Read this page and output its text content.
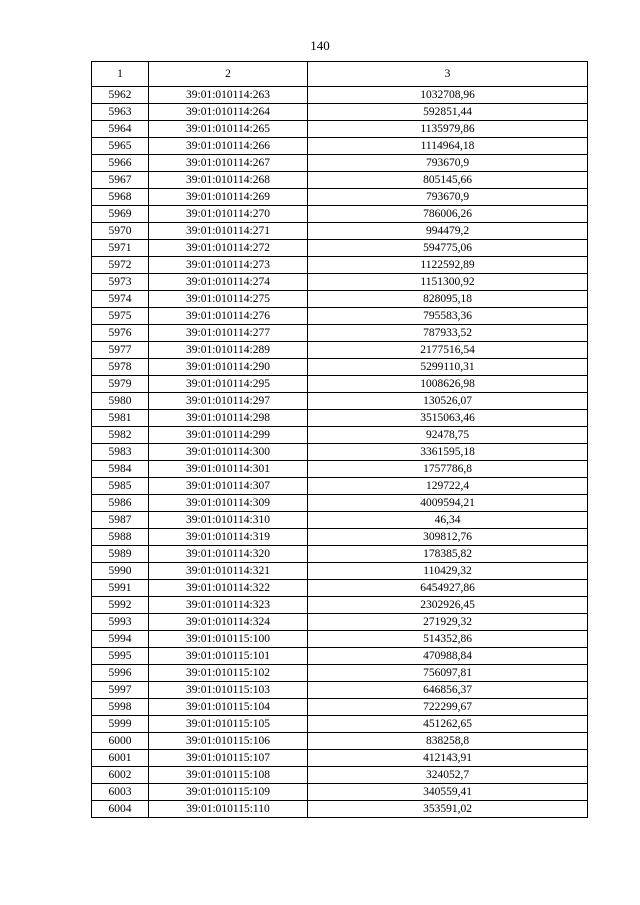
140
1	2	3
5962	39:01:010114:263	1032708,96
5963	39:01:010114:264	592851,44
5964	39:01:010114:265	1135979,86
5965	39:01:010114:266	1114964,18
5966	39:01:010114:267	793670,9
5967	39:01:010114:268	805145,66
5968	39:01:010114:269	793670,9
5969	39:01:010114:270	786006,26
5970	39:01:010114:271	994479,2
5971	39:01:010114:272	594775,06
5972	39:01:010114:273	1122592,89
5973	39:01:010114:274	1151300,92
5974	39:01:010114:275	828095,18
5975	39:01:010114:276	795583,36
5976	39:01:010114:277	787933,52
5977	39:01:010114:289	2177516,54
5978	39:01:010114:290	5299110,31
5979	39:01:010114:295	1008626,98
5980	39:01:010114:297	130526,07
5981	39:01:010114:298	3515063,46
5982	39:01:010114:299	92478,75
5983	39:01:010114:300	3361595,18
5984	39:01:010114:301	1757786,8
5985	39:01:010114:307	129722,4
5986	39:01:010114:309	4009594,21
5987	39:01:010114:310	46,34
5988	39:01:010114:319	309812,76
5989	39:01:010114:320	178385,82
5990	39:01:010114:321	110429,32
5991	39:01:010114:322	6454927,86
5992	39:01:010114:323	2302926,45
5993	39:01:010114:324	271929,32
5994	39:01:010115:100	514352,86
5995	39:01:010115:101	470988,84
5996	39:01:010115:102	756097,81
5997	39:01:010115:103	646856,37
5998	39:01:010115:104	722299,67
5999	39:01:010115:105	451262,65
6000	39:01:010115:106	838258,8
6001	39:01:010115:107	412143,91
6002	39:01:010115:108	324052,7
6003	39:01:010115:109	340559,41
6004	39:01:010115:110	353591,02
